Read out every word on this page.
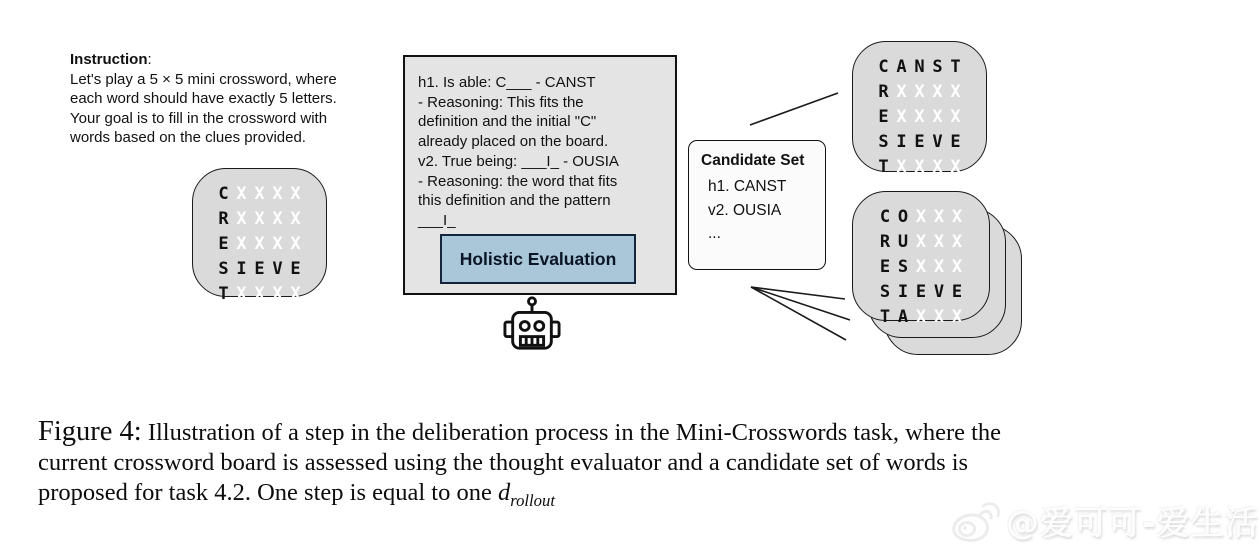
Instruction:
Let's play a 5 × 5 mini crossword, where
each word should have exactly 5 letters.
Your goal is to fill in the crossword with
words based on the clues provided.
C X X X X
R X X X X
E X X X X
S I E V E
T X X X X
h1. Is able: C___ - CANST
- Reasoning: This fits the
definition and the initial "C"
already placed on the board.
v2. True being: ___I_ - OUSIA
- Reasoning: the word that fits
this definition and the pattern
___I_
Holistic Evaluation
Candidate Set
h1. CANST
v2. OUSIA
...
C A N S T
R X X X X
E X X X X
S I E V E
T X X X X
C O X X X
R U X X X
E S X X X
S I E V E
T A X X X
Figure 4: Illustration of a step in the deliberation process in the Mini-Crosswords task, where the
current crossword board is assessed using the thought evaluator and a candidate set of words is
proposed for task 4.2. One step is equal to one $d_{rollout}$
@爱可可-爱生活
